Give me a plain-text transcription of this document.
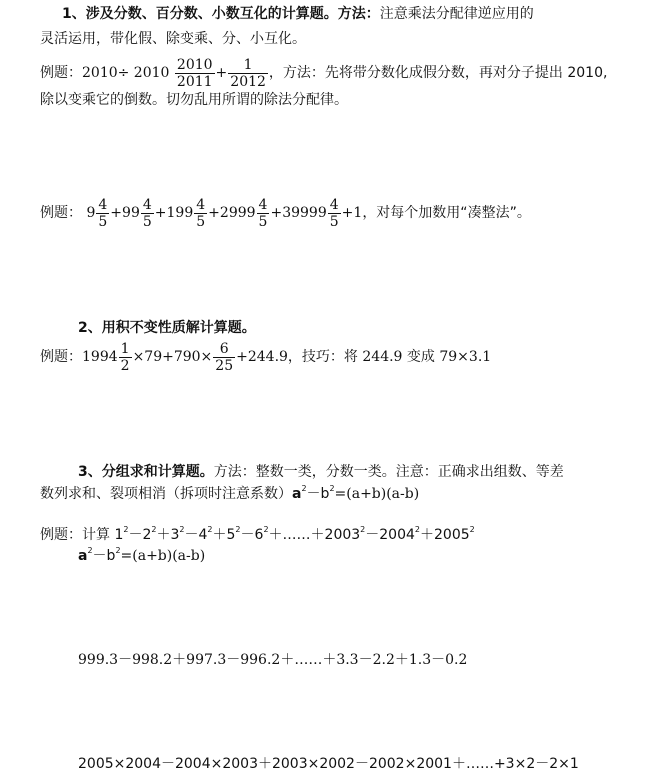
1、涉及分数、百分数、小数互化的计算题。方法：注意乘法分配律逆应用的
灵活运用，带化假、除变乘、分、小互化。
例题：$2010\div 2010 \frac{2010}{2011} + \frac{1}{2012}$ ，方法：先将带分数化成假分数，再对分子提出 2010,
除以变乘它的倒数。切勿乱用所谓的除法分配律。
例题： $9 \frac{4}{5} +99 \frac{4}{5} +199 \frac{4}{5} +2999 \frac{4}{5} +39999 \frac{4}{5} +1$，对每个加数用“凑整法”。
2、用积不变性质解计算题。
例题：$1994 \frac{1}{2} \times 79+790\times \frac{6}{25} +244.9$，技巧：将 244.9 变成 79×3.1
3、分组求和计算题。方法：整数一类，分数一类。注意：正确求出组数、等差
数列求和、裂项相消（拆项时注意系数）$a^2-b^2=(a+b)(a-b)$
例题：计算 $1^2-2^2+3^2-4^2+5^2-6^2+\dots\dots+2003^2-2004^2+2005^2$
$a^2-b^2=(a+b)(a-b)$
999.3－998.2＋997.3－996.2＋……＋3.3－2.2＋1.3－0.2
2005×2004－2004×2003＋2003×2002－2002×2001＋……+3×2－2×1
